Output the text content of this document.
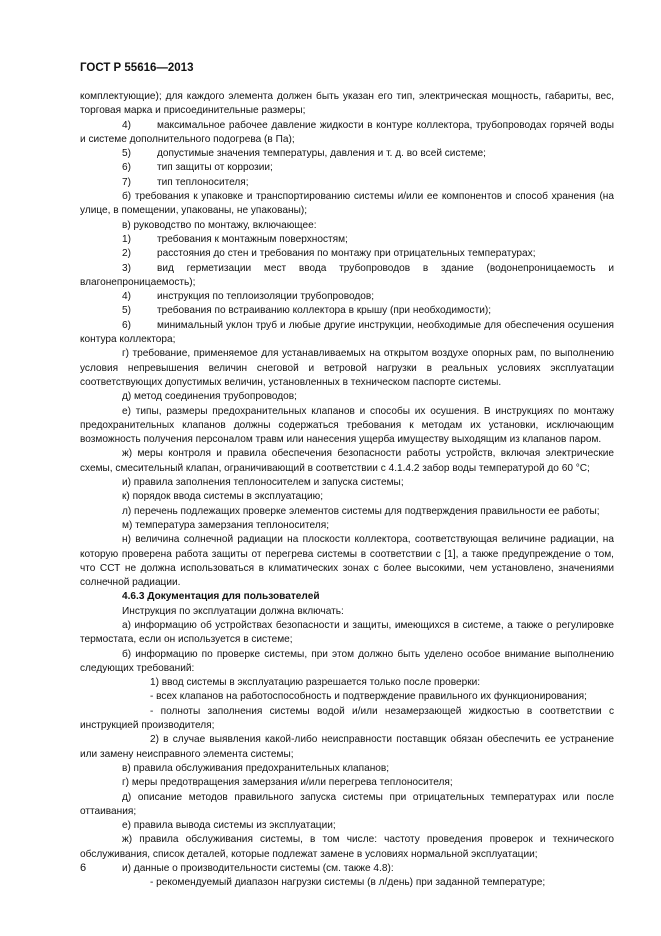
ГОСТ Р 55616—2013

комплектующие); для каждого элемента должен быть указан его тип, электрическая мощность, габариты, вес, торговая марка и присоединительные размеры;

4)	максимальное рабочее давление жидкости в контуре коллектора, трубопроводах горячей воды и системе дополнительного подогрева (в Па);

5)	допустимые значения температуры, давления и т. д. во всей системе;

6)	тип защиты от коррозии;

7)	тип теплоносителя;

б) требования к упаковке и транспортированию системы и/или ее компонентов и способ хранения (на улице, в помещении, упакованы, не упакованы);

в) руководство по монтажу, включающее:

1)	требования к монтажным поверхностям;

2)	расстояния до стен и требования по монтажу при отрицательных температурах;

3)	вид герметизации мест ввода трубопроводов в здание (водонепроницаемость и влагонепроницаемость);

4)	инструкция по теплоизоляции трубопроводов;

5)	требования по встраиванию коллектора в крышу (при необходимости);

6)	минимальный уклон труб и любые другие инструкции, необходимые для обеспечения осушения контура коллектора;

г) требование, применяемое для устанавливаемых на открытом воздухе опорных рам, по выполнению условия непревышения величин снеговой и ветровой нагрузки в реальных условиях эксплуатации соответствующих допустимых величин, установленных в техническом паспорте системы.

д) метод соединения трубопроводов;

е) типы, размеры предохранительных клапанов и способы их осушения. В инструкциях по монтажу предохранительных клапанов должны содержаться требования к методам их установки, исключающим возможность получения персоналом травм или нанесения ущерба имуществу выходящим из клапанов паром.

ж) меры контроля и правила обеспечения безопасности работы устройств, включая электрические схемы, смесительный клапан, ограничивающий в соответствии с 4.1.4.2 забор воды температурой до 60 °С;

и) правила заполнения теплоносителем и запуска системы;

к) порядок ввода системы в эксплуатацию;

л) перечень подлежащих проверке элементов системы для подтверждения правильности ее работы;

м) температура замерзания теплоносителя;

н) величина солнечной радиации на плоскости коллектора, соответствующая величине радиации, на которую проверена работа защиты от перегрева системы в соответствии с [1], а также предупреждение о том, что ССТ не должна использоваться в климатических зонах с более высокими, чем установлено, значениями солнечной радиации.

4.6.3 Документация для пользователей

Инструкция по эксплуатации должна включать:

а) информацию об устройствах безопасности и защиты, имеющихся в системе, а также о регулировке термостата, если он используется в системе;

б) информацию по проверке системы, при этом должно быть уделено особое внимание выполнению следующих требований:

1) ввод системы в эксплуатацию разрешается только после проверки:

- всех клапанов на работоспособность и подтверждение правильного их функционирования;

- полноты заполнения системы водой и/или незамерзающей жидкостью в соответствии с инструкцией производителя;

2) в случае выявления какой-либо неисправности поставщик обязан обеспечить ее устранение или замену неисправного элемента системы;

в) правила обслуживания предохранительных клапанов;

г) меры предотвращения замерзания и/или перегрева теплоносителя;

д) описание методов правильного запуска системы при отрицательных температурах или после оттаивания;

е) правила вывода системы из эксплуатации;

ж) правила обслуживания системы, в том числе: частоту проведения проверок и технического обслуживания, список деталей, которые подлежат замене в условиях нормальной эксплуатации;

и) данные о производительности системы (см. также 4.8):

- рекомендуемый диапазон нагрузки системы (в л/день) при заданной температуре;

6
